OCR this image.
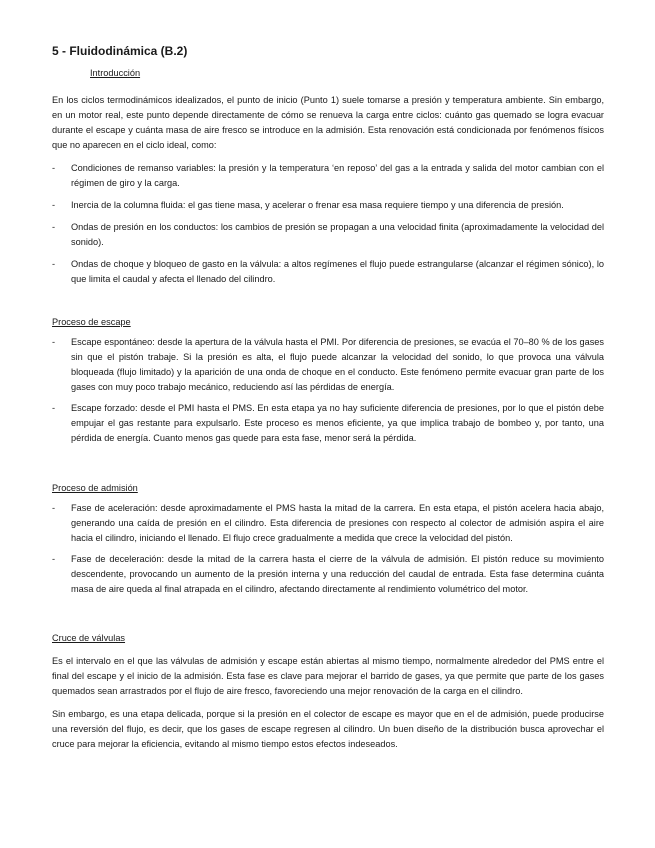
5 - Fluidodinámica (B.2)
Introducción

En los ciclos termodinámicos idealizados, el punto de inicio (Punto 1) suele tomarse a presión y temperatura ambiente. Sin embargo, en un motor real, este punto depende directamente de cómo se renueva la carga entre ciclos: cuánto gas quemado se logra evacuar durante el escape y cuánta masa de aire fresco se introduce en la admisión. Esta renovación está condicionada por fenómenos físicos que no aparecen en el ciclo ideal, como:

- Condiciones de remanso variables: la presión y la temperatura ‘en reposo’ del gas a la entrada y salida del motor cambian con el régimen de giro y la carga.
- Inercia de la columna fluida: el gas tiene masa, y acelerar o frenar esa masa requiere tiempo y una diferencia de presión.
- Ondas de presión en los conductos: los cambios de presión se propagan a una velocidad finita (aproximadamente la velocidad del sonido).
- Ondas de choque y bloqueo de gasto en la válvula: a altos regímenes el flujo puede estrangularse (alcanzar el régimen sónico), lo que limita el caudal y afecta el llenado del cilindro.
Proceso de escape
- Escape espontáneo: desde la apertura de la válvula hasta el PMI. Por diferencia de presiones, se evacúa el 70–80 % de los gases sin que el pistón trabaje. Si la presión es alta, el flujo puede alcanzar la velocidad del sonido, lo que provoca una válvula bloqueada (flujo limitado) y la aparición de una onda de choque en el conducto. Este fenómeno permite evacuar gran parte de los gases con muy poco trabajo mecánico, reduciendo así las pérdidas de energía.
- Escape forzado: desde el PMI hasta el PMS. En esta etapa ya no hay suficiente diferencia de presiones, por lo que el pistón debe empujar el gas restante para expulsarlo. Este proceso es menos eficiente, ya que implica trabajo de bombeo y, por tanto, una pérdida de energía. Cuanto menos gas quede para esta fase, menor será la pérdida.
Proceso de admisión
- Fase de aceleración: desde aproximadamente el PMS hasta la mitad de la carrera. En esta etapa, el pistón acelera hacia abajo, generando una caída de presión en el cilindro. Esta diferencia de presiones con respecto al colector de admisión aspira el aire hacia el cilindro, iniciando el llenado. El flujo crece gradualmente a medida que crece la velocidad del pistón.
- Fase de deceleración: desde la mitad de la carrera hasta el cierre de la válvula de admisión. El pistón reduce su movimiento descendente, provocando un aumento de la presión interna y una reducción del caudal de entrada. Esta fase determina cuánta masa de aire queda al final atrapada en el cilindro, afectando directamente al rendimiento volumétrico del motor.
Cruce de válvulas

Es el intervalo en el que las válvulas de admisión y escape están abiertas al mismo tiempo, normalmente alrededor del PMS entre el final del escape y el inicio de la admisión. Esta fase es clave para mejorar el barrido de gases, ya que permite que parte de los gases quemados sean arrastrados por el flujo de aire fresco, favoreciendo una mejor renovación de la carga en el cilindro.

Sin embargo, es una etapa delicada, porque si la presión en el colector de escape es mayor que en el de admisión, puede producirse una reversión del flujo, es decir, que los gases de escape regresen al cilindro. Un buen diseño de la distribución busca aprovechar el cruce para mejorar la eficiencia, evitando al mismo tiempo estos efectos indeseados.
